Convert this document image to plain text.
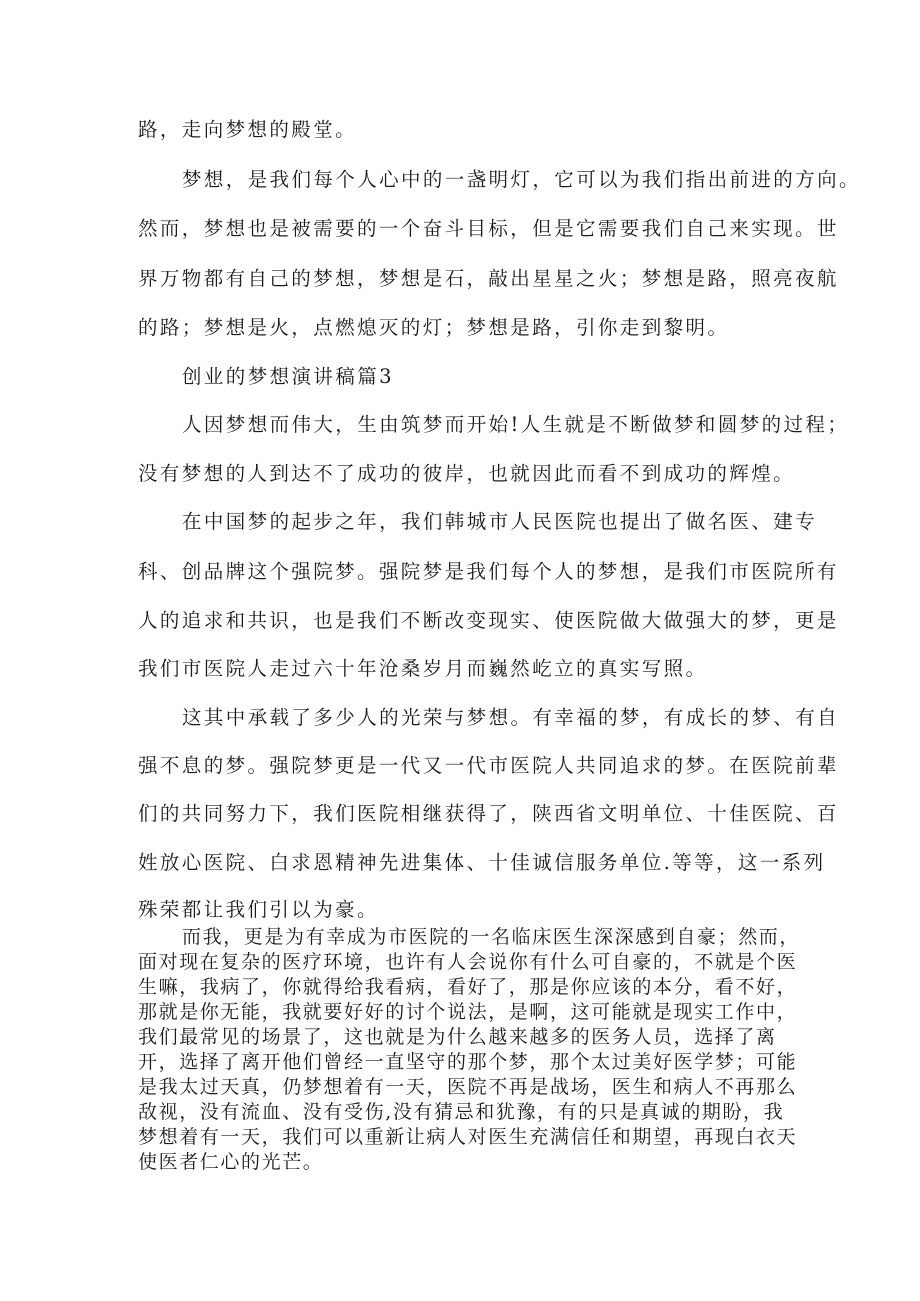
路，走向梦想的殿堂。
梦想，是我们每个人心中的一盏明灯，它可以为我们指出前进的方向。
然而，梦想也是被需要的一个奋斗目标，但是它需要我们自己来实现。世
界万物都有自己的梦想，梦想是石，敲出星星之火；梦想是路，照亮夜航
的路；梦想是火，点燃熄灭的灯；梦想是路，引你走到黎明。
创业的梦想演讲稿篇3
人因梦想而伟大，生由筑梦而开始!人生就是不断做梦和圆梦的过程；
没有梦想的人到达不了成功的彼岸，也就因此而看不到成功的辉煌。
在中国梦的起步之年，我们韩城市人民医院也提出了做名医、建专
科、创品牌这个强院梦。强院梦是我们每个人的梦想，是我们市医院所有
人的追求和共识，也是我们不断改变现实、使医院做大做强大的梦，更是
我们市医院人走过六十年沧桑岁月而巍然屹立的真实写照。
这其中承载了多少人的光荣与梦想。有幸福的梦，有成长的梦、有自
强不息的梦。强院梦更是一代又一代市医院人共同追求的梦。在医院前辈
们的共同努力下，我们医院相继获得了，陕西省文明单位、十佳医院、百
姓放心医院、白求恩精神先进集体、十佳诚信服务单位.等等，这一系列
殊荣都让我们引以为豪。
而我，更是为有幸成为市医院的一名临床医生深深感到自豪；然而，
面对现在复杂的医疗环境，也许有人会说你有什么可自豪的，不就是个医
生嘛，我病了，你就得给我看病，看好了，那是你应该的本分，看不好，
那就是你无能，我就要好好的讨个说法，是啊，这可能就是现实工作中，
我们最常见的场景了，这也就是为什么越来越多的医务人员，选择了离
开，选择了离开他们曾经一直坚守的那个梦，那个太过美好医学梦；可能
是我太过天真，仍梦想着有一天，医院不再是战场，医生和病人不再那么
敌视，没有流血、没有受伤,没有猜忌和犹豫，有的只是真诚的期盼，我
梦想着有一天，我们可以重新让病人对医生充满信任和期望，再现白衣天
使医者仁心的光芒。
